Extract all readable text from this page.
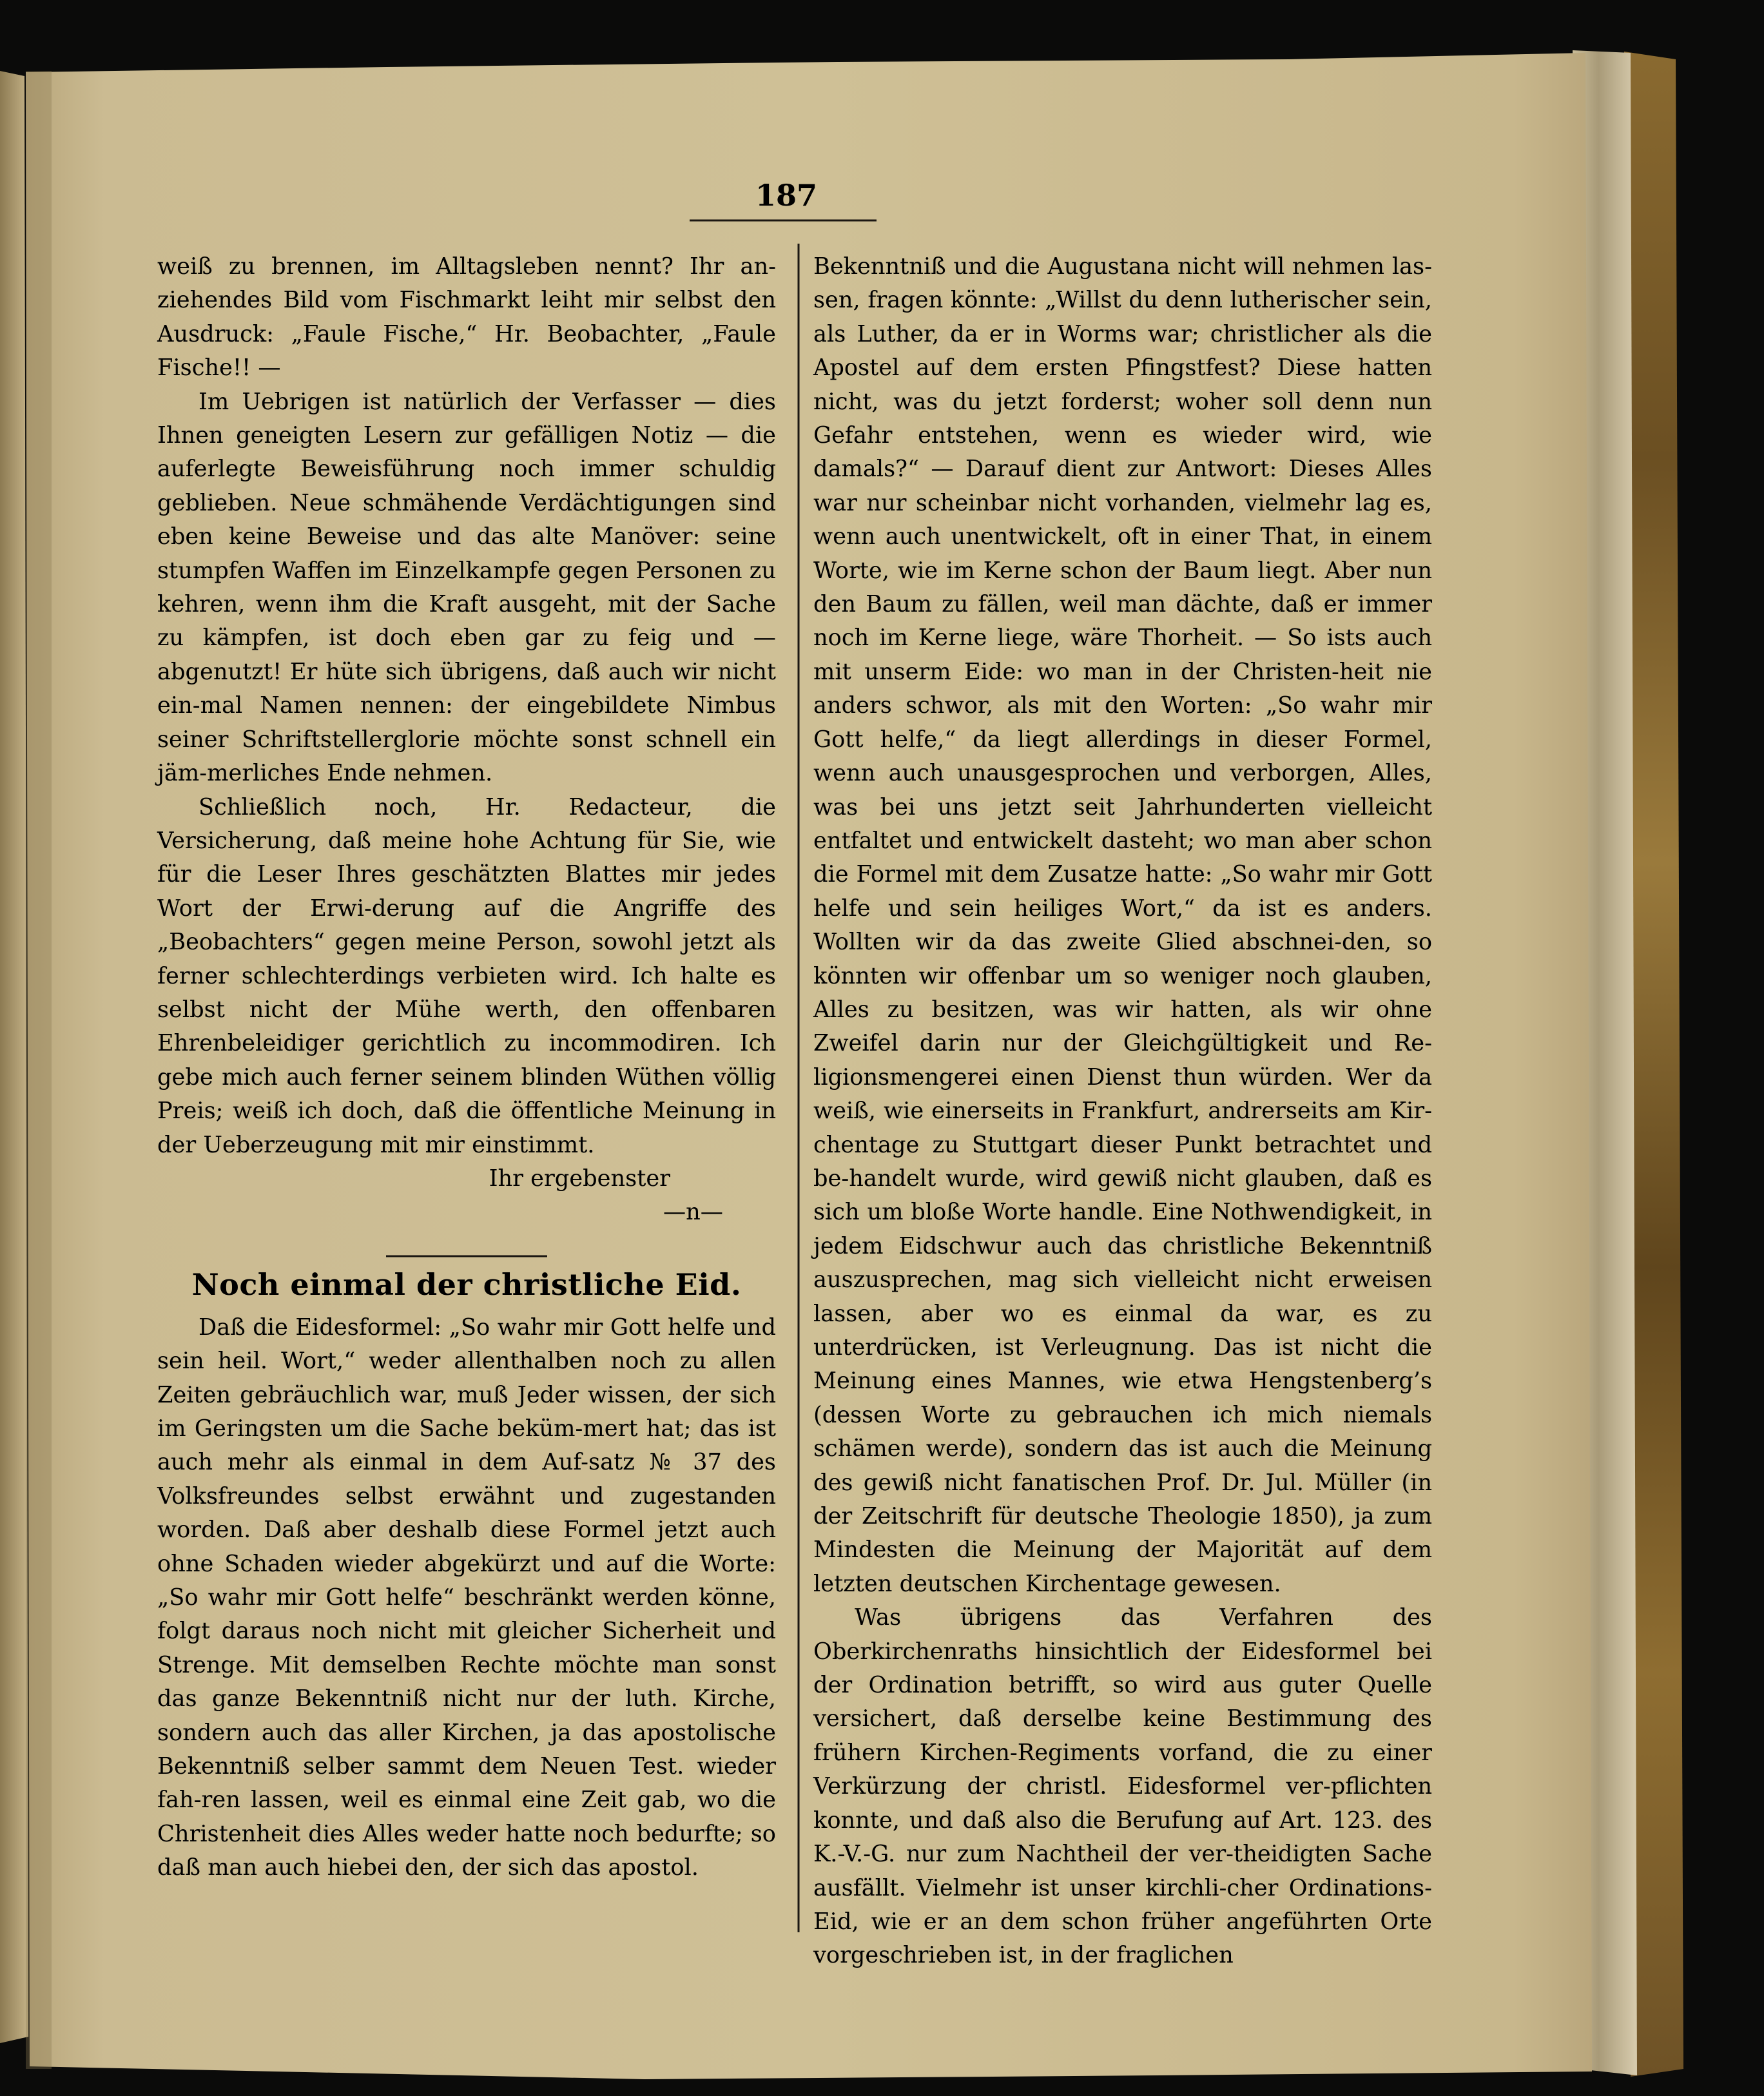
187

weiß zu brennen, im Alltagsleben nennt? Ihr an-ziehendes Bild vom Fischmarkt leiht mir selbst den Ausdruck: „Faule Fische,“ Hr. Beobachter, „Faule Fische!! —

Im Uebrigen ist natürlich der Verfasser — dies Ihnen geneigten Lesern zur gefälligen Notiz — die auferlegte Beweisführung noch immer schuldig geblieben. Neue schmähende Verdächtigungen sind eben keine Beweise und das alte Manöver: seine stumpfen Waffen im Einzelkampfe gegen Personen zu kehren, wenn ihm die Kraft ausgeht, mit der Sache zu kämpfen, ist doch eben gar zu feig und — abgenutzt! Er hüte sich übrigens, daß auch wir nicht ein-mal Namen nennen: der eingebildete Nimbus seiner Schriftstellerglorie möchte sonst schnell ein jäm-merliches Ende nehmen.

Schließlich noch, Hr. Redacteur, die Versicherung, daß meine hohe Achtung für Sie, wie für die Leser Ihres geschätzten Blattes mir jedes Wort der Erwi-derung auf die Angriffe des „Beobachters“ gegen meine Person, sowohl jetzt als ferner schlechterdings verbieten wird. Ich halte es selbst nicht der Mühe werth, den offenbaren Ehrenbeleidiger gerichtlich zu incommodiren. Ich gebe mich auch ferner seinem blinden Wüthen völlig Preis; weiß ich doch, daß die öffentliche Meinung in der Ueberzeugung mit mir einstimmt.

Ihr ergebenster

—n—

Noch einmal der christliche Eid.

Daß die Eidesformel: „So wahr mir Gott helfe und sein heil. Wort,“ weder allenthalben noch zu allen Zeiten gebräuchlich war, muß Jeder wissen, der sich im Geringsten um die Sache beküm-mert hat; das ist auch mehr als einmal in dem Auf-satz № 37 des Volksfreundes selbst erwähnt und zugestanden worden. Daß aber deshalb diese Formel jetzt auch ohne Schaden wieder abgekürzt und auf die Worte: „So wahr mir Gott helfe“ beschränkt werden könne, folgt daraus noch nicht mit gleicher Sicherheit und Strenge. Mit demselben Rechte möchte man sonst das ganze Bekenntniß nicht nur der luth. Kirche, sondern auch das aller Kirchen, ja das apostolische Bekenntniß selber sammt dem Neuen Test. wieder fah-ren lassen, weil es einmal eine Zeit gab, wo die Christenheit dies Alles weder hatte noch bedurfte; so daß man auch hiebei den, der sich das apostol.

Bekenntniß und die Augustana nicht will nehmen las-sen, fragen könnte: „Willst du denn lutherischer sein, als Luther, da er in Worms war; christlicher als die Apostel auf dem ersten Pfingstfest? Diese hatten nicht, was du jetzt forderst; woher soll denn nun Gefahr entstehen, wenn es wieder wird, wie damals?“ — Darauf dient zur Antwort: Dieses Alles war nur scheinbar nicht vorhanden, vielmehr lag es, wenn auch unentwickelt, oft in einer That, in einem Worte, wie im Kerne schon der Baum liegt. Aber nun den Baum zu fällen, weil man dächte, daß er immer noch im Kerne liege, wäre Thorheit. — So ists auch mit unserm Eide: wo man in der Christen-heit nie anders schwor, als mit den Worten: „So wahr mir Gott helfe,“ da liegt allerdings in dieser Formel, wenn auch unausgesprochen und verborgen, Alles, was bei uns jetzt seit Jahrhunderten vielleicht entfaltet und entwickelt dasteht; wo man aber schon die Formel mit dem Zusatze hatte: „So wahr mir Gott helfe und sein heiliges Wort,“ da ist es anders. Wollten wir da das zweite Glied abschnei-den, so könnten wir offenbar um so weniger noch glauben, Alles zu besitzen, was wir hatten, als wir ohne Zweifel darin nur der Gleichgültigkeit und Re-ligionsmengerei einen Dienst thun würden. Wer da weiß, wie einerseits in Frankfurt, andrerseits am Kir-chentage zu Stuttgart dieser Punkt betrachtet und be-handelt wurde, wird gewiß nicht glauben, daß es sich um bloße Worte handle. Eine Nothwendigkeit, in jedem Eidschwur auch das christliche Bekenntniß auszusprechen, mag sich vielleicht nicht erweisen lassen, aber wo es einmal da war, es zu unterdrücken, ist Verleugnung. Das ist nicht die Meinung eines Mannes, wie etwa Hengstenberg’s (dessen Worte zu gebrauchen ich mich niemals schämen werde), sondern das ist auch die Meinung des gewiß nicht fanatischen Prof. Dr. Jul. Müller (in der Zeitschrift für deutsche Theologie 1850), ja zum Mindesten die Meinung der Majorität auf dem letzten deutschen Kirchentage gewesen.

Was übrigens das Verfahren des Oberkirchenraths hinsichtlich der Eidesformel bei der Ordination betrifft, so wird aus guter Quelle versichert, daß derselbe keine Bestimmung des frühern Kirchen-Regiments vorfand, die zu einer Verkürzung der christl. Eidesformel ver-pflichten konnte, und daß also die Berufung auf Art. 123. des K.-V.-G. nur zum Nachtheil der ver-theidigten Sache ausfällt. Vielmehr ist unser kirchli-cher Ordinations-Eid, wie er an dem schon früher angeführten Orte vorgeschrieben ist, in der fraglichen
